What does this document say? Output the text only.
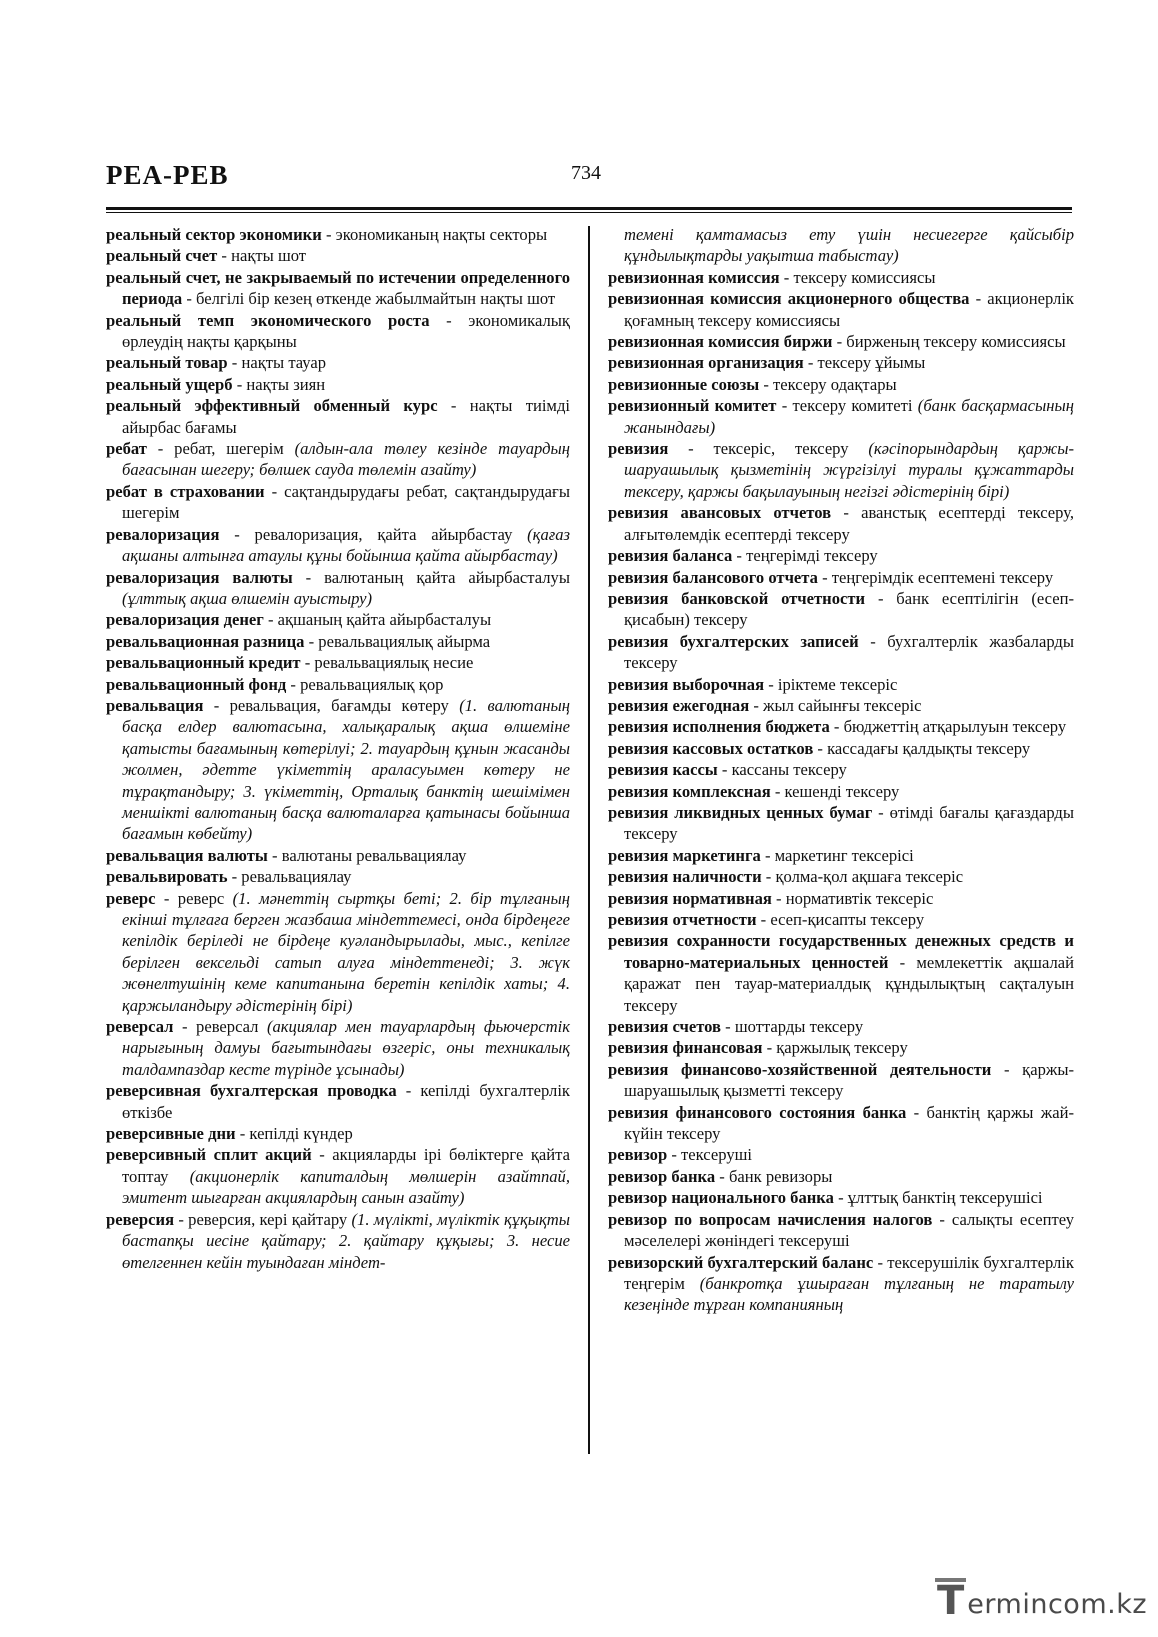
РЕА-РЕВ	734

реальный сектор экономики - экономиканың нақты секторы

реальный счет - нақты шот

реальный счет, не закрываемый по истечении определенного периода - белгілі бір кезең өткенде жабылмайтын нақты шот

реальный темп экономического роста - экономикалық өрлеудің нақты қарқыны

реальный товар - нақты тауар

реальный ущерб - нақты зиян

реальный эффективный обменный курс - нақты тиімді айырбас бағамы

ребат - ребат, шегерім (алдын-ала төлеу кезінде тауардың бағасынан шегеру; бөлшек сауда төлемін азайту)

ребат в страховании - сақтандырудағы ребат, сақтандырудағы шегерім

ревалоризация - ревалоризация, қайта айырбастау (қағаз ақшаны алтынға атаулы құны бойынша қайта айырбастау)

ревалоризация валюты - валютаның қайта айырбасталуы (ұлттық ақша өлшемін ауыстыру)

ревалоризация денег - ақшаның қайта айырбасталуы

ревальвационная разница - ревальвациялық айырма

ревальвационный кредит - ревальвациялық несие

ревальвационный фонд - ревальвациялық қор

ревальвация - ревальвация, бағамды көтеру (1. валютаның басқа елдер валютасына, халықаралық ақша өлшеміне қатысты бағамының көтерілуі; 2. тауардың құнын жасанды жолмен, әдетте үкіметтің араласуымен көтеру не тұрақтандыру; 3. үкіметтің, Орталық банктің шешімімен меншікті валютаның басқа валюталарға қатынасы бойынша бағамын көбейту)

ревальвация валюты - валютаны ревальвациялау

ревальвировать - ревальвациялау

реверс - реверс (1. мәнеттің сыртқы беті; 2. бір тұлғаның екінші тұлғаға берген жазбаша міндеттемесі, онда бірдеңеге кепілдік беріледі не бірдеңе куәландырылады, мыс., кепілге берілген вексельді сатып алуға міндеттенеді; 3. жүк жөнелтушінің кеме капитанына беретін кепілдік хаты; 4. қаржыландыру әдістерінің бірі)

реверсал - реверсал (акциялар мен тауарлардың фьючерстік нарығының дамуы бағытындағы өзгеріс, оны техникалық талдампаздар кесте түрінде ұсынады)

реверсивная бухгалтерская проводка - кепілді бухгалтерлік өткізбе

реверсивные дни - кепілді күндер

реверсивный сплит акций - акцияларды ірі бөліктерге қайта топтау (акционерлік капиталдың мөлшерін азайтпай, эмитент шығарған акциялардың санын азайту)

реверсия - реверсия, кері қайтару (1. мүлікті, мүліктік құқықты бастапқы иесіне қайтару; 2. қайтару құқығы; 3. несие өтелгеннен кейін туындаған міндет-

темені қамтамасыз ету үшін несиегерге қайсыбір құндылықтарды уақытша табыстау)

ревизионная комиссия - тексеру комиссиясы

ревизионная комиссия акционерного общества - акционерлік қоғамның тексеру комиссиясы

ревизионная комиссия биржи - бирженың тексеру комиссиясы

ревизионная организация - тексеру ұйымы

ревизионные союзы - тексеру одақтары

ревизионный комитет - тексеру комитеті (банк басқармасының жанындағы)

ревизия - тексеріс, тексеру (кәсіпорындардың қаржы-шаруашылық қызметінің жүргізілуі туралы құжаттарды тексеру, қаржы бақылауының негізгі әдістерінің бірі)

ревизия авансовых отчетов - аванстық есептерді тексеру, алғытөлемдік есептерді тексеру

ревизия баланса - теңгерімді тексеру

ревизия балансового отчета - теңгерімдік есептемені тексеру

ревизия банковской отчетности - банк есептілігін (есеп-қисабын) тексеру

ревизия бухгалтерских записей - бухгалтерлік жазбаларды тексеру

ревизия выборочная - іріктеме тексеріс

ревизия ежегодная - жыл сайынғы тексеріс

ревизия исполнения бюджета - бюджеттің атқарылуын тексеру

ревизия кассовых остатков - кассадағы қалдықты тексеру

ревизия кассы - кассаны тексеру

ревизия комплексная - кешенді тексеру

ревизия ликвидных ценных бумаг - өтімді бағалы қағаздарды тексеру

ревизия маркетинга - маркетинг тексерісі

ревизия наличности - қолма-қол ақшаға тексеріс

ревизия нормативная - нормативтік тексеріс

ревизия отчетности - есеп-қисапты тексеру

ревизия сохранности государственных денежных средств и товарно-материальных ценностей - мемлекеттік ақшалай қаражат пен тауар-материалдық құндылықтың сақталуын тексеру

ревизия счетов - шоттарды тексеру

ревизия финансовая - қаржылық тексеру

ревизия финансово-хозяйственной деятельности - қаржы-шаруашылық қызметті тексеру

ревизия финансового состояния банка - банктің қаржы жай-күйін тексеру

ревизор - тексеруші

ревизор банка - банк ревизоры

ревизор национального банка - ұлттық банктің тексерушісі

ревизор по вопросам начисления налогов - салықты есептеу мәселелері жөніндегі тексеруші

ревизорский бухгалтерский баланс - тексерушілік бухгалтерлік теңгерім (банкротқа ұшыраған тұлғаның не таратылу кезеңінде тұрған компанияның

T ermincom.kz
